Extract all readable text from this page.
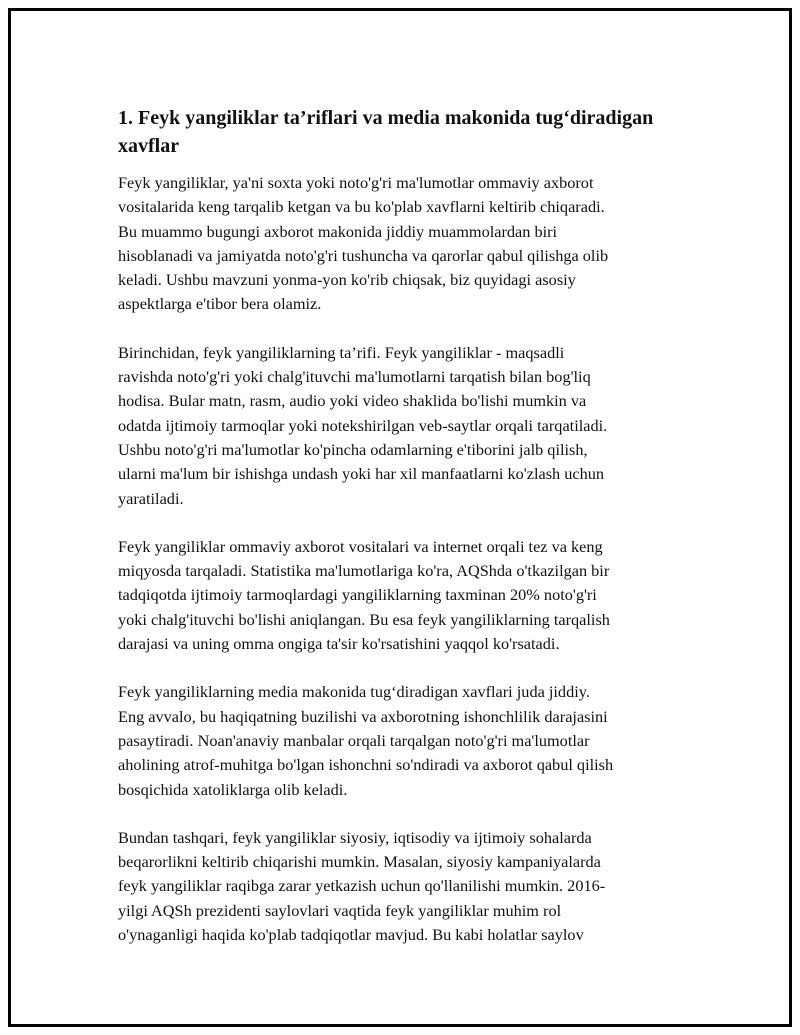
1. Feyk yangiliklar ta’riflari va media makonida tug‘diradigan
xavflar

Feyk yangiliklar, ya'ni soxta yoki noto'g'ri ma'lumotlar ommaviy axborot
vositalarida keng tarqalib ketgan va bu ko'plab xavflarni keltirib chiqaradi.
Bu muammo bugungi axborot makonida jiddiy muammolardan biri
hisoblanadi va jamiyatda noto'g'ri tushuncha va qarorlar qabul qilishga olib
keladi. Ushbu mavzuni yonma-yon ko'rib chiqsak, biz quyidagi asosiy
aspektlarga e'tibor bera olamiz.

Birinchidan, feyk yangiliklarning ta’rifi. Feyk yangiliklar - maqsadli
ravishda noto'g'ri yoki chalg'ituvchi ma'lumotlarni tarqatish bilan bog'liq
hodisa. Bular matn, rasm, audio yoki video shaklida bo'lishi mumkin va
odatda ijtimoiy tarmoqlar yoki notekshirilgan veb-saytlar orqali tarqatiladi.
Ushbu noto'g'ri ma'lumotlar ko'pincha odamlarning e'tiborini jalb qilish,
ularni ma'lum bir ishishga undash yoki har xil manfaatlarni ko'zlash uchun
yaratiladi.

Feyk yangiliklar ommaviy axborot vositalari va internet orqali tez va keng
miqyosda tarqaladi. Statistika ma'lumotlariga ko'ra, AQShda o'tkazilgan bir
tadqiqotda ijtimoiy tarmoqlardagi yangiliklarning taxminan 20% noto'g'ri
yoki chalg'ituvchi bo'lishi aniqlangan. Bu esa feyk yangiliklarning tarqalish
darajasi va uning omma ongiga ta'sir ko'rsatishini yaqqol ko'rsatadi.

Feyk yangiliklarning media makonida tug‘diradigan xavflari juda jiddiy.
Eng avvalo, bu haqiqatning buzilishi va axborotning ishonchlilik darajasini
pasaytiradi. Noan'anaviy manbalar orqali tarqalgan noto'g'ri ma'lumotlar
aholining atrof-muhitga bo'lgan ishonchni so'ndiradi va axborot qabul qilish
bosqichida xatoliklarga olib keladi.

Bundan tashqari, feyk yangiliklar siyosiy, iqtisodiy va ijtimoiy sohalarda
beqarorlikni keltirib chiqarishi mumkin. Masalan, siyosiy kampaniyalarda
feyk yangiliklar raqibga zarar yetkazish uchun qo'llanilishi mumkin. 2016-
yilgi AQSh prezidenti saylovlari vaqtida feyk yangiliklar muhim rol
o'ynaganligi haqida ko'plab tadqiqotlar mavjud. Bu kabi holatlar saylov
